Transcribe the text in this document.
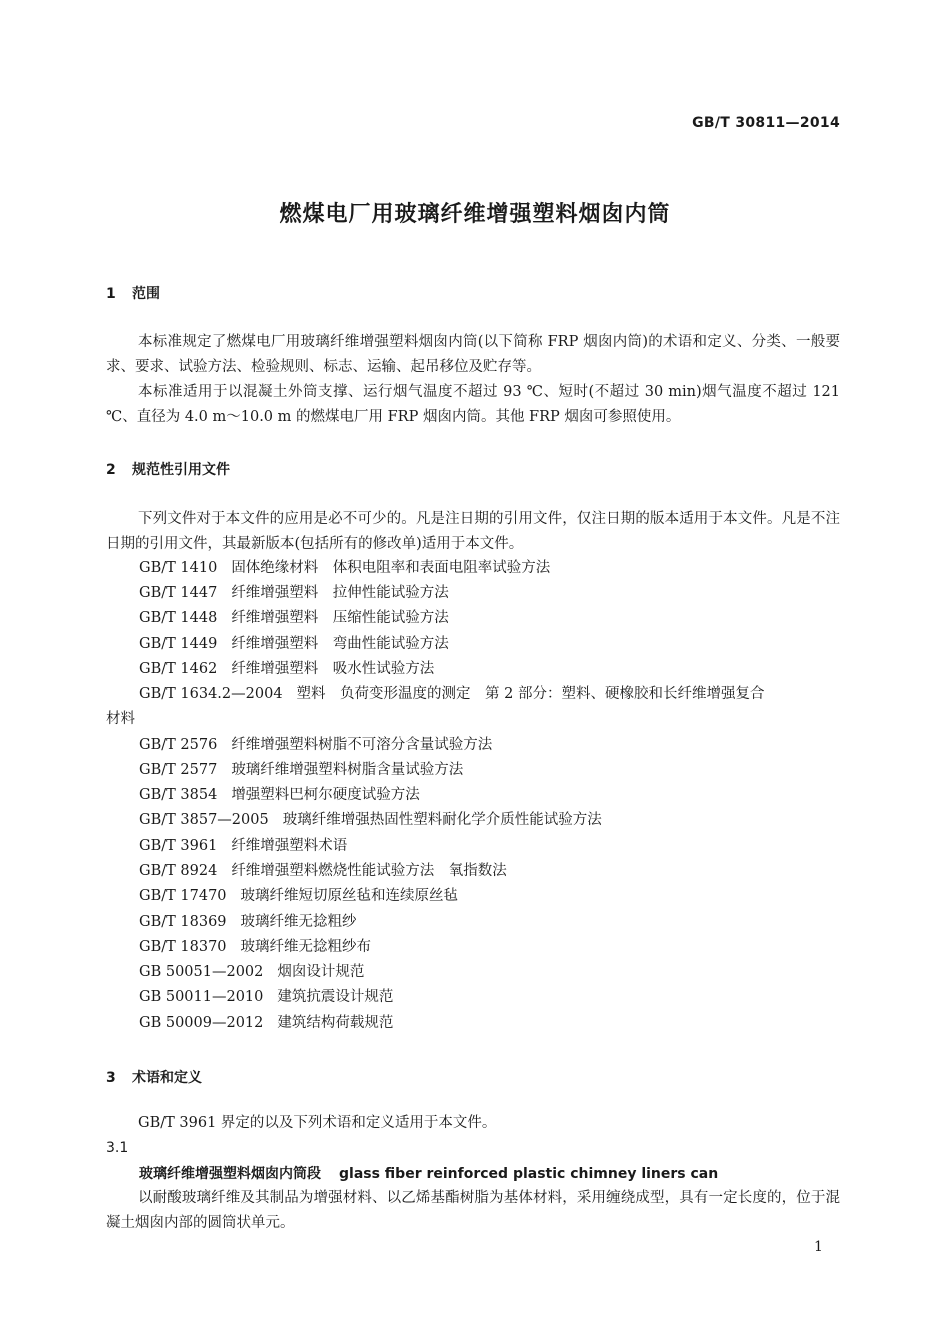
GB/T 30811—2014
燃煤电厂用玻璃纤维增强塑料烟囱内筒
1 范围
本标准规定了燃煤电厂用玻璃纤维增强塑料烟囱内筒(以下简称 FRP 烟囱内筒)的术语和定义、分类、一般要求、要求、试验方法、检验规则、标志、运输、起吊移位及贮存等。
本标准适用于以混凝土外筒支撑、运行烟气温度不超过 93 ℃、短时(不超过 30 min)烟气温度不超过 121 ℃、直径为 4.0 m～10.0 m 的燃煤电厂用 FRP 烟囱内筒。其他 FRP 烟囱可参照使用。
2 规范性引用文件
下列文件对于本文件的应用是必不可少的。凡是注日期的引用文件，仅注日期的版本适用于本文件。凡是不注日期的引用文件，其最新版本(包括所有的修改单)适用于本文件。
GB/T 1410 固体绝缘材料　体积电阻率和表面电阻率试验方法
GB/T 1447 纤维增强塑料　拉伸性能试验方法
GB/T 1448 纤维增强塑料　压缩性能试验方法
GB/T 1449 纤维增强塑料　弯曲性能试验方法
GB/T 1462 纤维增强塑料　吸水性试验方法
GB/T 1634.2—2004 塑料　负荷变形温度的测定　第 2 部分：塑料、硬橡胶和长纤维增强复合
材料
GB/T 2576 纤维增强塑料树脂不可溶分含量试验方法
GB/T 2577 玻璃纤维增强塑料树脂含量试验方法
GB/T 3854 增强塑料巴柯尔硬度试验方法
GB/T 3857—2005 玻璃纤维增强热固性塑料耐化学介质性能试验方法
GB/T 3961 纤维增强塑料术语
GB/T 8924 纤维增强塑料燃烧性能试验方法　氧指数法
GB/T 17470 玻璃纤维短切原丝毡和连续原丝毡
GB/T 18369 玻璃纤维无捻粗纱
GB/T 18370 玻璃纤维无捻粗纱布
GB 50051—2002 烟囱设计规范
GB 50011—2010 建筑抗震设计规范
GB 50009—2012 建筑结构荷载规范
3 术语和定义
GB/T 3961 界定的以及下列术语和定义适用于本文件。
3.1
玻璃纤维增强塑料烟囱内筒段 glass fiber reinforced plastic chimney liners can
以耐酸玻璃纤维及其制品为增强材料、以乙烯基酯树脂为基体材料，采用缠绕成型，具有一定长度的，位于混凝土烟囱内部的圆筒状单元。
1
